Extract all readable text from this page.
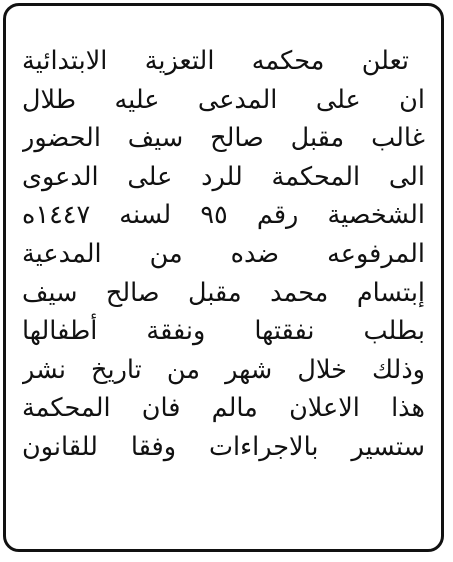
تعلن محكمه التعزية الابتدائية
ان على المدعى عليه طلال
غالب مقبل صالح سيف الحضور
الى المحكمة للرد على الدعوى
الشخصية رقم ٩٥ لسنه ١٤٤٧ه
المرفوعه ضده من المدعية
إبتسام محمد مقبل صالح سيف
بطلب نفقتها ونفقة أطفالها
وذلك خلال شهر من تاريخ نشر
هذا الاعلان مالم فان المحكمة
ستسير بالاجراءات وفقا للقانون
